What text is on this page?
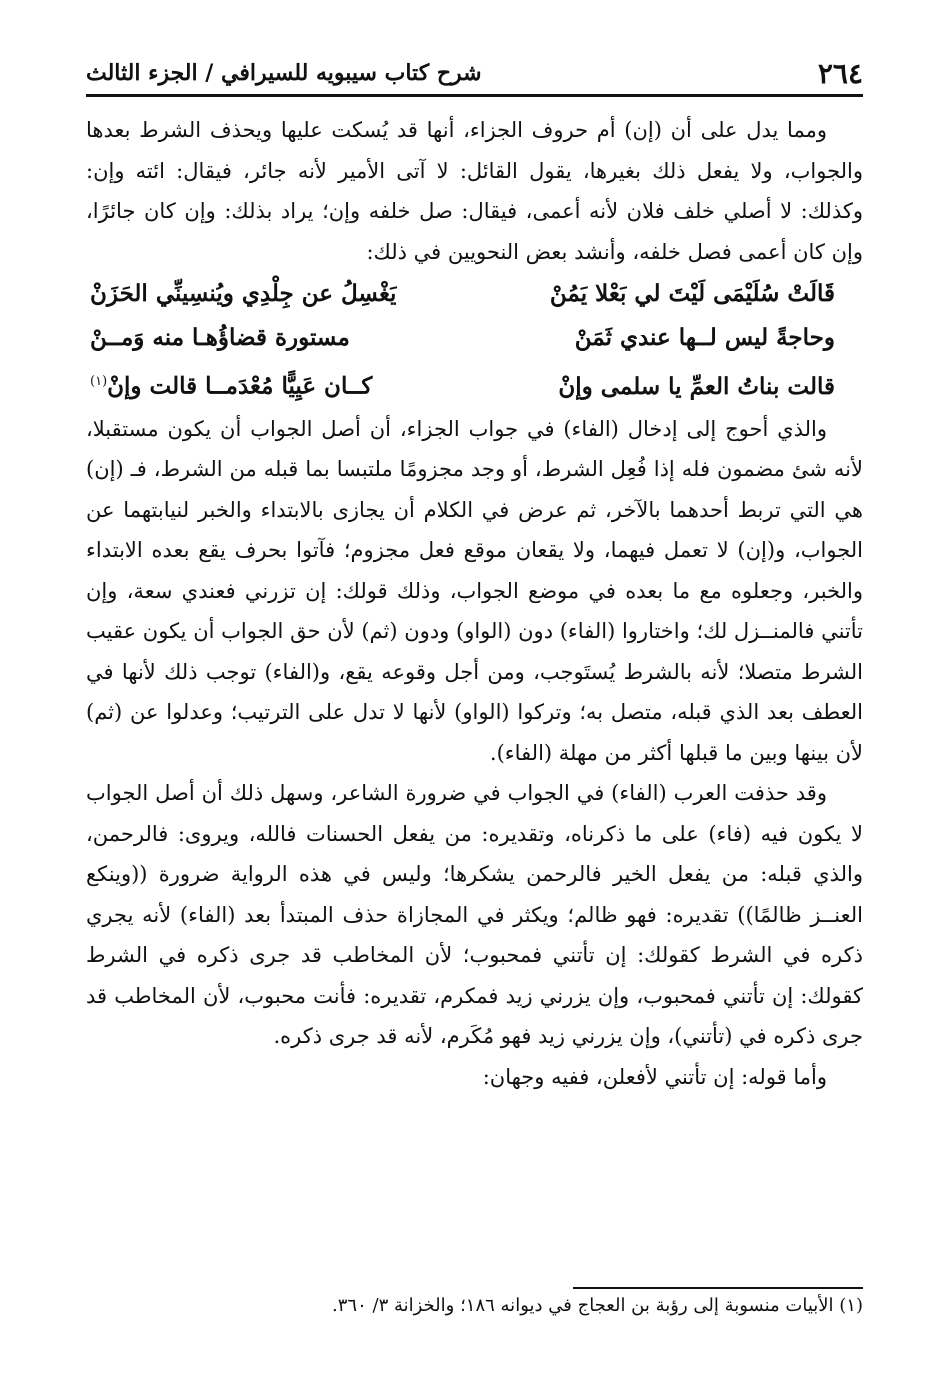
٢٦٤
شرح كتاب سيبويه للسيرافي / الجزء الثالث

ومما يدل على أن (إن) أم حروف الجزاء، أنها قد يُسكت عليها ويحذف الشرط بعدها والجواب، ولا يفعل ذلك بغيرها، يقول القائل: لا آتى الأمير لأنه جائر، فيقال: ائته وإن: وكذلك: لا أصلي خلف فلان لأنه أعمى، فيقال: صل خلفه وإن؛ يراد بذلك: وإن كان جائرًا، وإن كان أعمى فصل خلفه، وأنشد بعض النحويين في ذلك:

قَالَتْ سُلَيْمَى لَيْتَ لي بَعْلا يَمُنْ
يَغْسِلُ عن جِلْدِي ويُنسِينِّي الحَزَنْ
وحاجةً ليس لــها عندي ثَمَنْ
مستورة قضاؤُهـا منه وَمــنْ
قالت بناتُ العمِّ يا سلمى وإنْ
كــان عَيِيًّا مُعْدَمــا قالت وإنْ$^{(١)}$

والذي أحوج إلى إدخال (الفاء) في جواب الجزاء، أن أصل الجواب أن يكون مستقبلا، لأنه شئ مضمون فله إذا فُعِل الشرط، أو وجد مجزومًا ملتبسا بما قبله من الشرط، فـ (إن) هي التي تربط أحدهما بالآخر، ثم عرض في الكلام أن يجازى بالابتداء والخبر لنيابتهما عن الجواب، و(إن) لا تعمل فيهما، ولا يقعان موقع فعل مجزوم؛ فآتوا بحرف يقع بعده الابتداء والخبر، وجعلوه مع ما بعده في موضع الجواب، وذلك قولك: إن تزرني فعندي سعة، وإن تأتني فالمنــزل لك؛ واختاروا (الفاء) دون (الواو) ودون (ثم) لأن حق الجواب أن يكون عقيب الشرط متصلا؛ لأنه بالشرط يُستَوجب، ومن أجل وقوعه يقع، و(الفاء) توجب ذلك لأنها في العطف بعد الذي قبله، متصل به؛ وتركوا (الواو) لأنها لا تدل على الترتيب؛ وعدلوا عن (ثم) لأن بينها وبين ما قبلها أكثر من مهلة (الفاء).

وقد حذفت العرب (الفاء) في الجواب في ضرورة الشاعر، وسهل ذلك أن أصل الجواب لا يكون فيه (فاء) على ما ذكرناه، وتقديره: من يفعل الحسنات فالله، ويروى: فالرحمن، والذي قبله: من يفعل الخير فالرحمن يشكرها؛ وليس في هذه الرواية ضرورة ((وينكع العنــز ظالمًا)) تقديره: فهو ظالم؛ ويكثر في المجازاة حذف المبتدأ بعد (الفاء) لأنه يجري ذكره في الشرط كقولك: إن تأتني فمحبوب؛ لأن المخاطب قد جرى ذكره في الشرط كقولك: إن تأتني فمحبوب، وإن يزرني زيد فمكرم، تقديره: فأنت محبوب، لأن المخاطب قد جرى ذكره في (تأتني)، وإن يزرني زيد فهو مُكَرم، لأنه قد جرى ذكره.

وأما قوله: إن تأتني لأفعلن، ففيه وجهان:

(١) الأبيات منسوبة إلى رؤبة بن العجاج في ديوانه ١٨٦؛ والخزانة ٣/ ٣٦٠.
